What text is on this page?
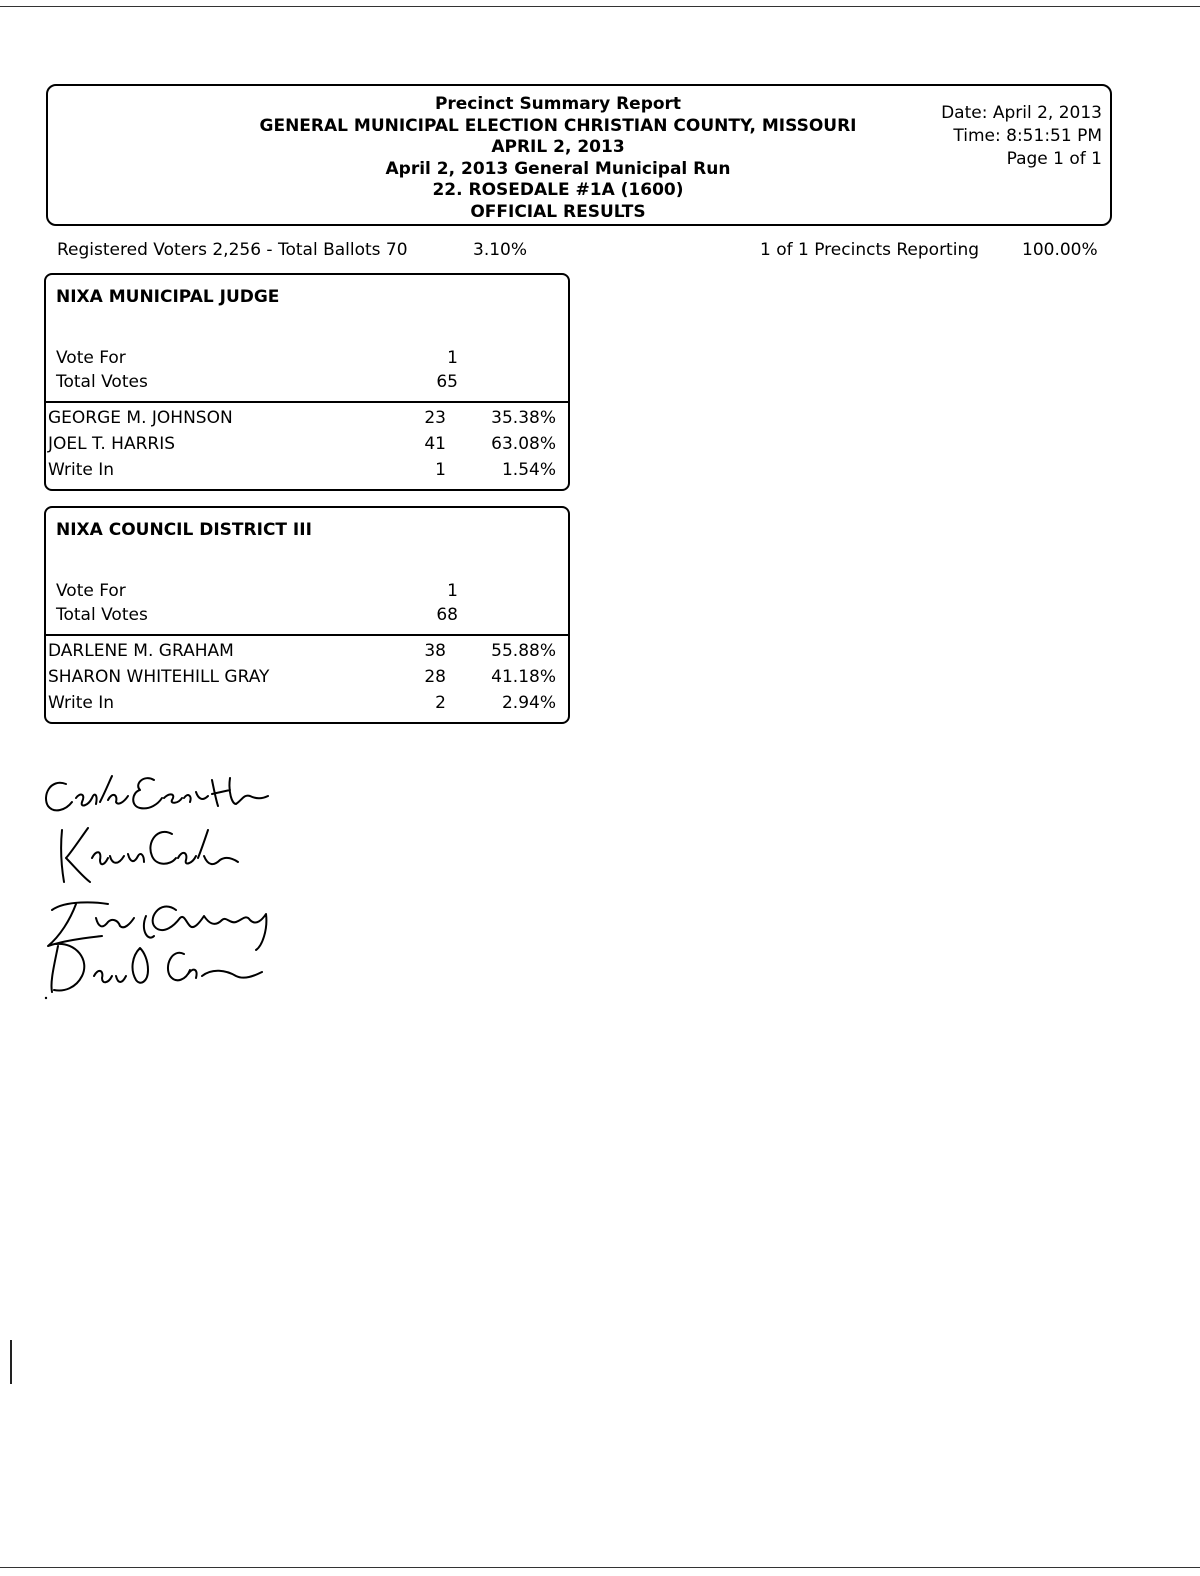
Precinct Summary Report
GENERAL MUNICIPAL ELECTION CHRISTIAN COUNTY, MISSOURI
APRIL 2, 2013
April 2, 2013 General Municipal Run
22. ROSEDALE #1A (1600)
OFFICIAL RESULTS
Date: April 2, 2013
Time: 8:51:51 PM
Page 1 of 1
Registered Voters 2,256 - Total Ballots 70	3.10%	1 of 1 Precincts Reporting	100.00%
NIXA MUNICIPAL JUDGE
Vote For	1
Total Votes	65
GEORGE M. JOHNSON	23	35.38%
JOEL T. HARRIS	41	63.08%
Write In	1	1.54%
NIXA COUNCIL DISTRICT III
Vote For	1
Total Votes	68
DARLENE M. GRAHAM	38	55.88%
SHARON WHITEHILL GRAY	28	41.18%
Write In	2	2.94%
